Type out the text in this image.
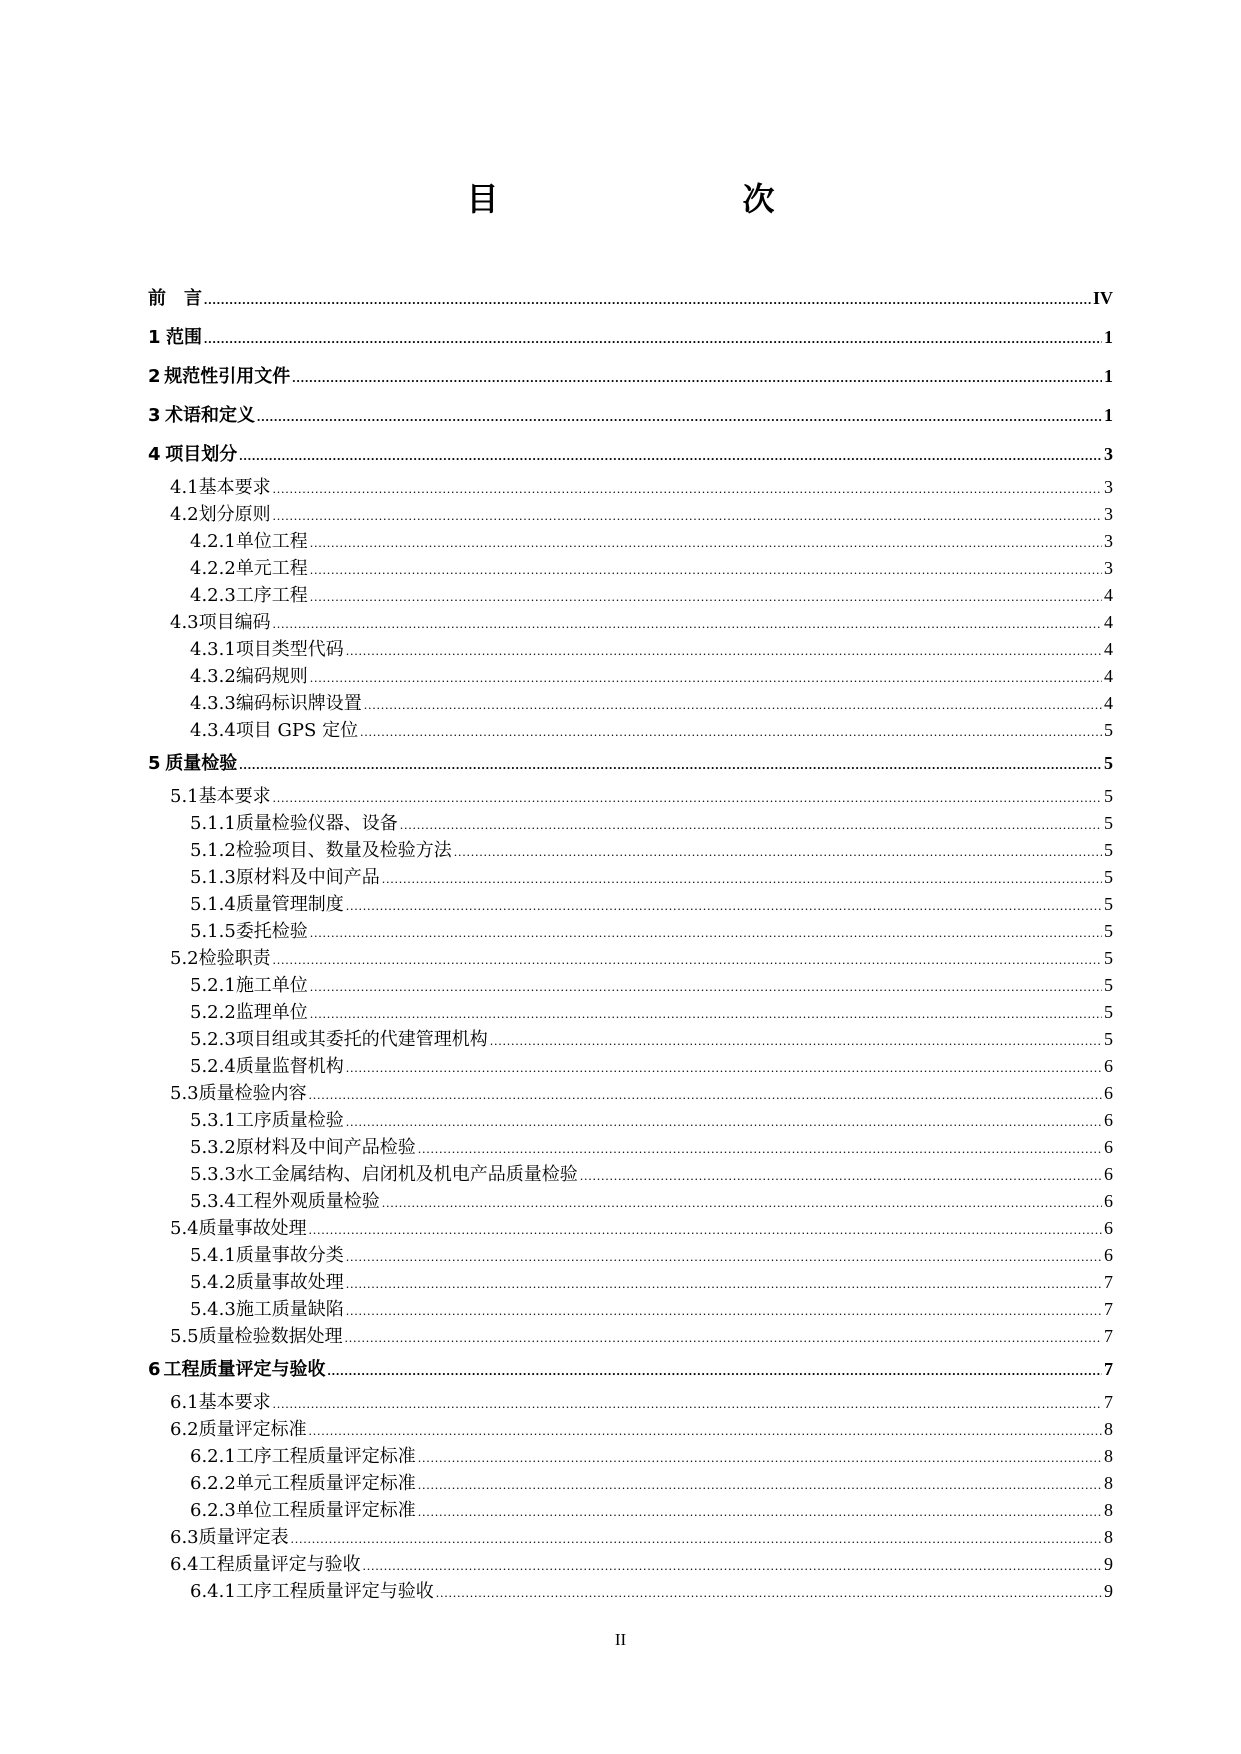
目　　次
前　言 .....	IV
1 范围 .....	1
2 规范性引用文件 .....	1
3 术语和定义 .....	1
4 项目划分 .....	3
4.1 基本要求 .....	3
4.2 划分原则 .....	3
4.2.1 单位工程 .....	3
4.2.2 单元工程 .....	3
4.2.3 工序工程 .....	4
4.3 项目编码 .....	4
4.3.1 项目类型代码 .....	4
4.3.2 编码规则 .....	4
4.3.3 编码标识牌设置 .....	4
4.3.4 项目 GPS 定位 .....	5
5 质量检验 .....	5
5.1 基本要求 .....	5
5.1.1 质量检验仪器、设备 .....	5
5.1.2 检验项目、数量及检验方法 .....	5
5.1.3 原材料及中间产品 .....	5
5.1.4 质量管理制度 .....	5
5.1.5 委托检验 .....	5
5.2 检验职责 .....	5
5.2.1 施工单位 .....	5
5.2.2 监理单位 .....	5
5.2.3 项目组或其委托的代建管理机构 .....	5
5.2.4 质量监督机构 .....	6
5.3 质量检验内容 .....	6
5.3.1 工序质量检验 .....	6
5.3.2 原材料及中间产品检验 .....	6
5.3.3 水工金属结构、启闭机及机电产品质量检验 .....	6
5.3.4 工程外观质量检验 .....	6
5.4 质量事故处理 .....	6
5.4.1 质量事故分类 .....	6
5.4.2 质量事故处理 .....	7
5.4.3 施工质量缺陷 .....	7
5.5 质量检验数据处理 .....	7
6 工程质量评定与验收 .....	7
6.1 基本要求 .....	7
6.2 质量评定标准 .....	8
6.2.1 工序工程质量评定标准 .....	8
6.2.2 单元工程质量评定标准 .....	8
6.2.3 单位工程质量评定标准 .....	8
6.3 质量评定表 .....	8
6.4 工程质量评定与验收 .....	9
6.4.1 工序工程质量评定与验收 .....	9
II
